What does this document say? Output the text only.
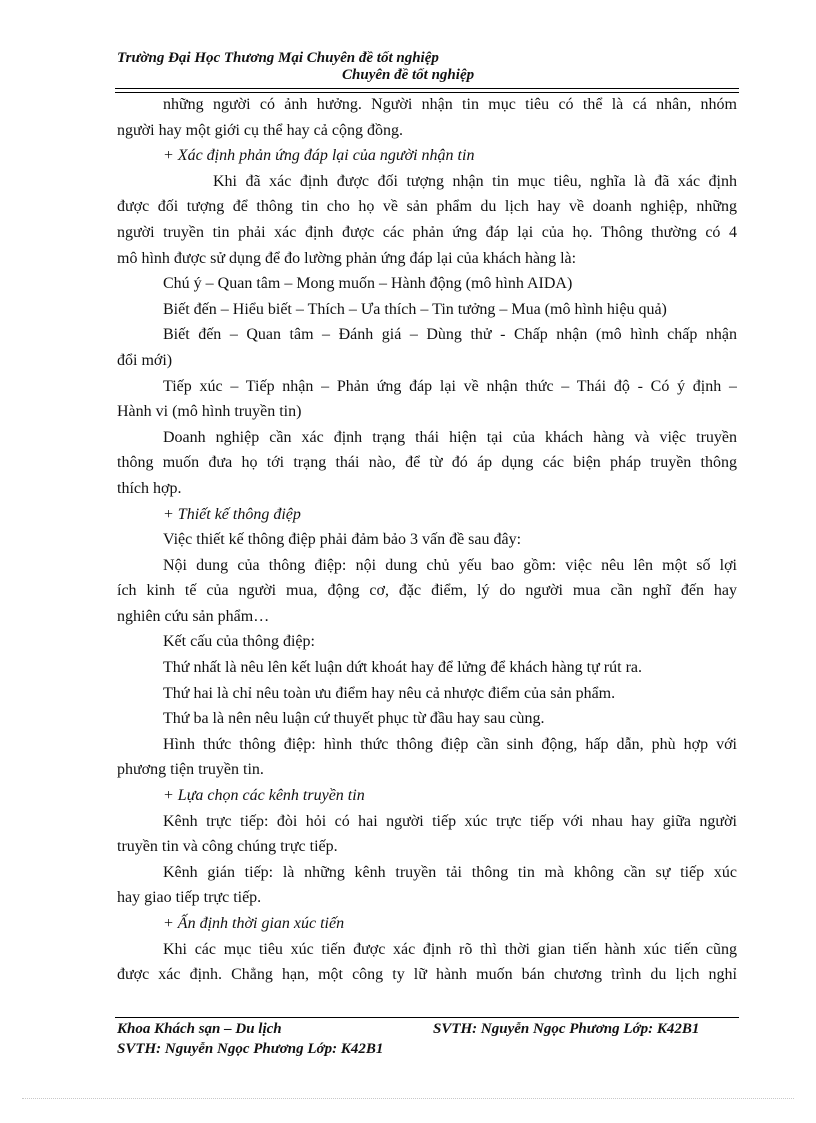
Trường Đại Học Thương Mại Chuyên đề tốt nghiệp
Chuyên đề tốt nghiệp
những người có ảnh hưởng. Người nhận tin mục tiêu có thể là cá nhân, nhóm
người hay một giới cụ thể hay cả cộng đồng.
+ Xác định phản ứng đáp lại của người nhận tin
Khi đã xác định được đối tượng nhận tin mục tiêu, nghĩa là đã xác định
được đối tượng để thông tin cho họ về sản phẩm du lịch hay về doanh nghiệp, những
người truyền tin phải xác định được các phản ứng đáp lại của họ. Thông thường có 4
mô hình được sử dụng để đo lường phản ứng đáp lại của khách hàng là:
Chú ý – Quan tâm – Mong muốn – Hành động (mô hình AIDA)
Biết đến – Hiểu biết – Thích – Ưa thích – Tin tưởng – Mua (mô hình hiệu quả)
Biết đến – Quan tâm – Đánh giá – Dùng thử - Chấp nhận (mô hình chấp nhận
đổi mới)
Tiếp xúc – Tiếp nhận – Phản ứng đáp lại về nhận thức – Thái độ - Có ý định –
Hành vi (mô hình truyền tin)
Doanh nghiệp cần xác định trạng thái hiện tại của khách hàng và việc truyền
thông muốn đưa họ tới trạng thái nào, để từ đó áp dụng các biện pháp truyền thông
thích hợp.
+ Thiết kế thông điệp
Việc thiết kế thông điệp phải đảm bảo 3 vấn đề sau đây:
Nội dung của thông điệp: nội dung chủ yếu bao gồm: việc nêu lên một số lợi
ích kinh tế của người mua, động cơ, đặc điểm, lý do người mua cần nghĩ đến hay
nghiên cứu sản phẩm…
Kết cấu của thông điệp:
Thứ nhất là nêu lên kết luận dứt khoát hay để lửng để khách hàng tự rút ra.
Thứ hai là chỉ nêu toàn ưu điểm hay nêu cả nhược điểm của sản phẩm.
Thứ ba là nên nêu luận cứ thuyết phục từ đầu hay sau cùng.
Hình thức thông điệp: hình thức thông điệp cần sinh động, hấp dẫn, phù hợp với
phương tiện truyền tin.
+ Lựa chọn các kênh truyền tin
Kênh trực tiếp: đòi hỏi có hai người tiếp xúc trực tiếp với nhau hay giữa người
truyền tin và công chúng trực tiếp.
Kênh gián tiếp: là những kênh truyền tải thông tin mà không cần sự tiếp xúc
hay giao tiếp trực tiếp.
+ Ấn định thời gian xúc tiến
Khi các mục tiêu xúc tiến được xác định rõ thì thời gian tiến hành xúc tiến cũng
được xác định. Chẳng hạn, một công ty lữ hành muốn bán chương trình du lịch nghỉ
Khoa Khách sạn – Du lịch	SVTH: Nguyễn Ngọc Phương Lớp: K42B1
SVTH: Nguyễn Ngọc Phương Lớp: K42B1
